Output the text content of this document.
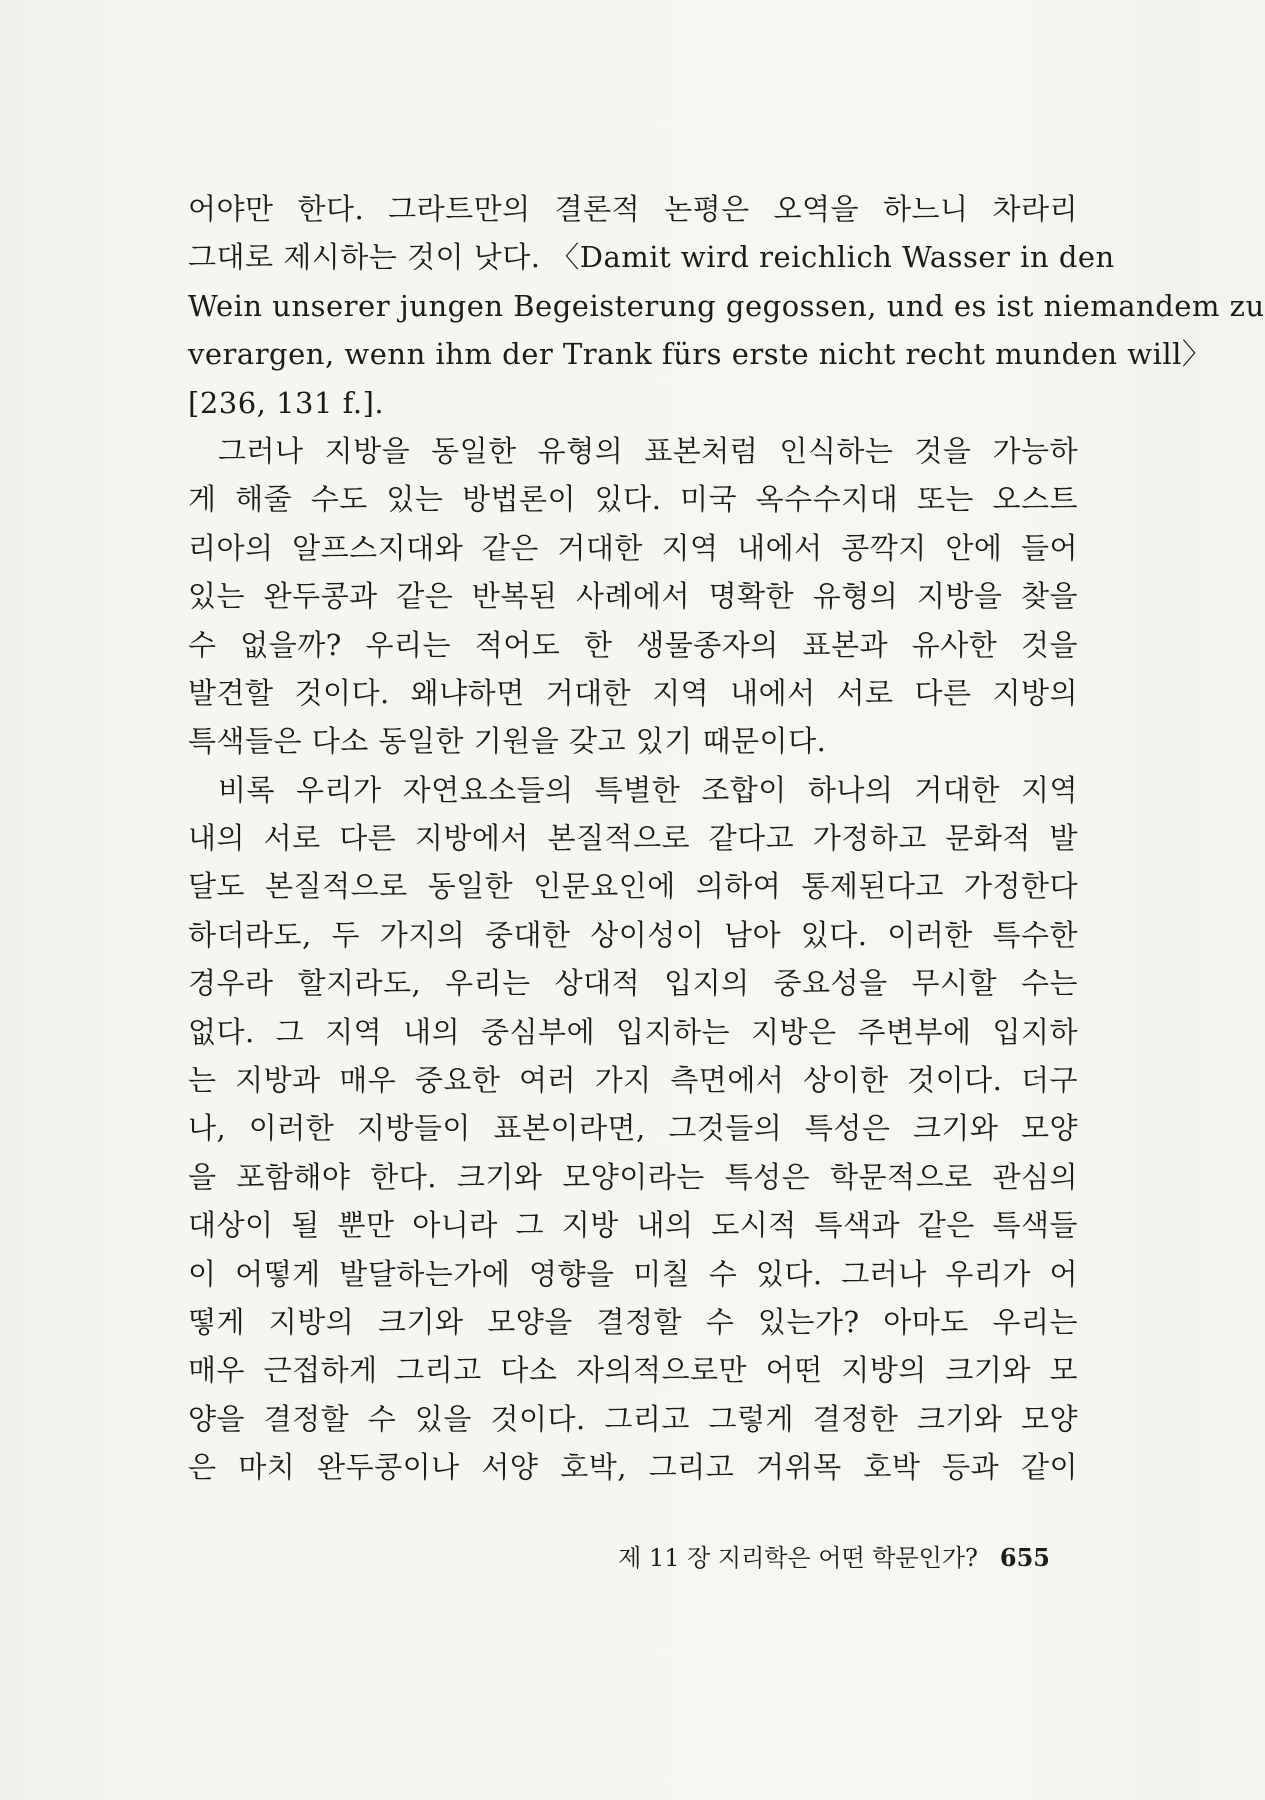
어야만 한다. 그라트만의 결론적 논평은 오역을 하느니 차라리
그대로 제시하는 것이 낫다. 〈Damit wird reichlich Wasser in den
Wein unserer jungen Begeisterung gegossen, und es ist niemandem zu
verargen, wenn ihm der Trank fürs erste nicht recht munden will〉
[236, 131 f.].
그러나 지방을 동일한 유형의 표본처럼 인식하는 것을 가능하
게 해줄 수도 있는 방법론이 있다. 미국 옥수수지대 또는 오스트
리아의 알프스지대와 같은 거대한 지역 내에서 콩깍지 안에 들어
있는 완두콩과 같은 반복된 사례에서 명확한 유형의 지방을 찾을
수 없을까? 우리는 적어도 한 생물종자의 표본과 유사한 것을
발견할 것이다. 왜냐하면 거대한 지역 내에서 서로 다른 지방의
특색들은 다소 동일한 기원을 갖고 있기 때문이다.
비록 우리가 자연요소들의 특별한 조합이 하나의 거대한 지역
내의 서로 다른 지방에서 본질적으로 같다고 가정하고 문화적 발
달도 본질적으로 동일한 인문요인에 의하여 통제된다고 가정한다
하더라도, 두 가지의 중대한 상이성이 남아 있다. 이러한 특수한
경우라 할지라도, 우리는 상대적 입지의 중요성을 무시할 수는
없다. 그 지역 내의 중심부에 입지하는 지방은 주변부에 입지하
는 지방과 매우 중요한 여러 가지 측면에서 상이한 것이다. 더구
나, 이러한 지방들이 표본이라면, 그것들의 특성은 크기와 모양
을 포함해야 한다. 크기와 모양이라는 특성은 학문적으로 관심의
대상이 될 뿐만 아니라 그 지방 내의 도시적 특색과 같은 특색들
이 어떻게 발달하는가에 영향을 미칠 수 있다. 그러나 우리가 어
떻게 지방의 크기와 모양을 결정할 수 있는가? 아마도 우리는
매우 근접하게 그리고 다소 자의적으로만 어떤 지방의 크기와 모
양을 결정할 수 있을 것이다. 그리고 그렇게 결정한 크기와 모양
은 마치 완두콩이나 서양 호박, 그리고 거위목 호박 등과 같이
제 11 장 지리학은 어떤 학문인가? 655
